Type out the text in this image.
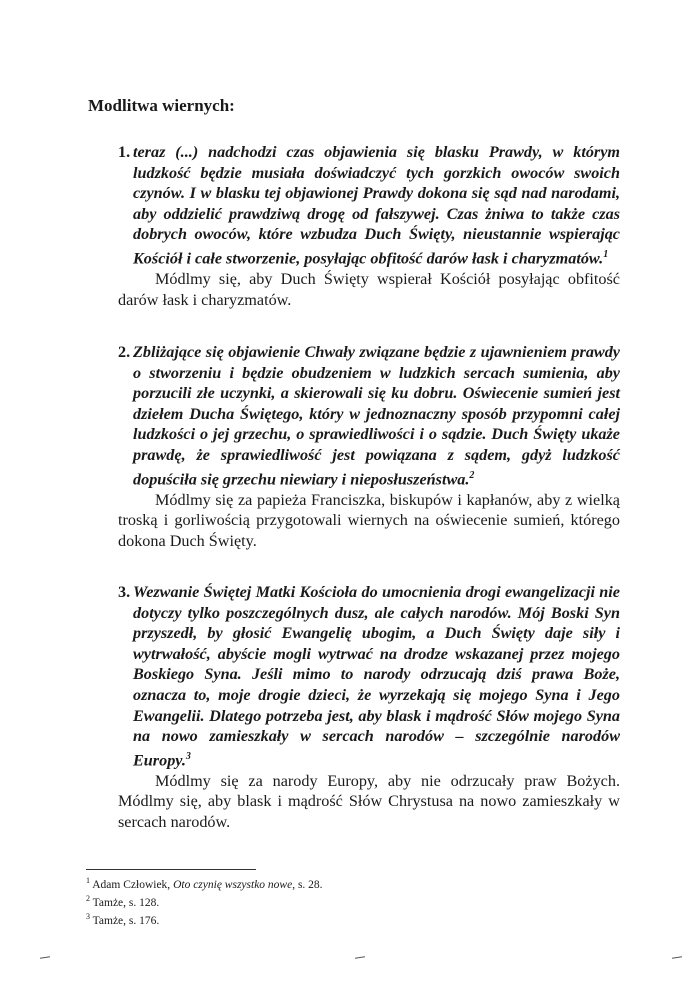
Modlitwa wiernych:
1. teraz (...) nadchodzi czas objawienia się blasku Prawdy, w którym ludzkość będzie musiała doświadczyć tych gorzkich owoców swoich czynów. I w blasku tej objawionej Prawdy dokona się sąd nad narodami, aby oddzielić prawdziwą drogę od fałszywej. Czas żniwa to także czas dobrych owoców, które wzbudza Duch Święty, nieustannie wspierając Kościół i całe stworzenie, posyłając obfitość darów łask i charyzmatów.$^1$

Módlmy się, aby Duch Święty wspierał Kościół posyłając obfitość darów łask i charyzmatów.

2. Zbliżające się objawienie Chwały związane będzie z ujawnieniem prawdy o stworzeniu i będzie obudzeniem w ludzkich sercach sumienia, aby porzucili złe uczynki, a skierowali się ku dobru. Oświecenie sumień jest dziełem Ducha Świętego, który w jednoznaczny sposób przypomni całej ludzkości o jej grzechu, o sprawiedliwości i o sądzie. Duch Święty ukaże prawdę, że sprawiedliwość jest powiązana z sądem, gdyż ludzkość dopuściła się grzechu niewiary i nieposłuszeństwa.$^2$

Módlmy się za papieża Franciszka, biskupów i kapłanów, aby z wielką troską i gorliwością przygotowali wiernych na oświecenie sumień, którego dokona Duch Święty.

3. Wezwanie Świętej Matki Kościoła do umocnienia drogi ewangelizacji nie dotyczy tylko poszczególnych dusz, ale całych narodów. Mój Boski Syn przyszedł, by głosić Ewangelię ubogim, a Duch Święty daje siły i wytrwałość, abyście mogli wytrwać na drodze wskazanej przez mojego Boskiego Syna. Jeśli mimo to narody odrzucają dziś prawa Boże, oznacza to, moje drogie dzieci, że wyrzekają się mojego Syna i Jego Ewangelii. Dlatego potrzeba jest, aby blask i mądrość Słów mojego Syna na nowo zamieszkały w sercach narodów – szczególnie narodów Europy.$^3$

Módlmy się za narody Europy, aby nie odrzucały praw Bożych. Módlmy się, aby blask i mądrość Słów Chrystusa na nowo zamieszkały w sercach narodów.

$^1$ Adam Człowiek, Oto czynię wszystko nowe, s. 28.
$^2$ Tamże, s. 128.
$^3$ Tamże, s. 176.
